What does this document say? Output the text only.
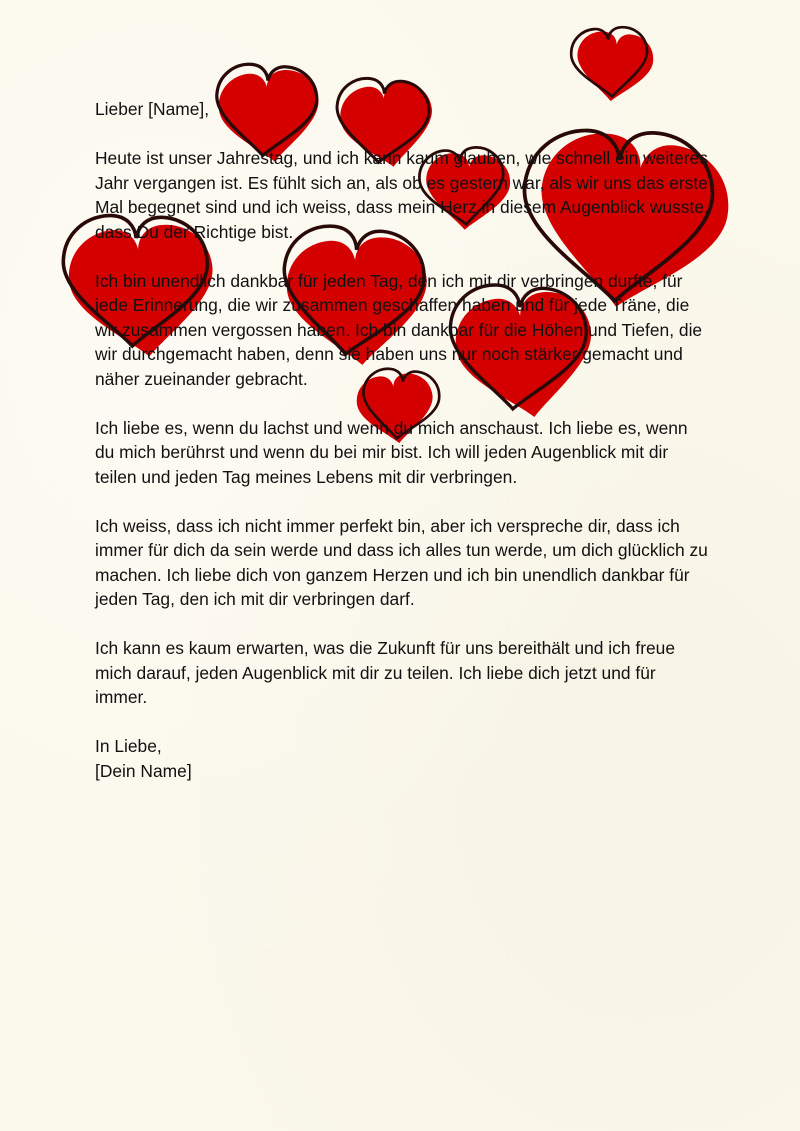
Lieber [Name],

Heute ist unser Jahrestag, und ich kann kaum glauben, wie schnell ein weiteres Jahr vergangen ist. Es fühlt sich an, als ob es gestern war, als wir uns das erste Mal begegnet sind und ich weiss, dass mein Herz in diesem Augenblick wusste, dass Du der Richtige bist.

Ich bin unendlich dankbar für jeden Tag, den ich mit dir verbringen durfte, für jede Erinnerung, die wir zusammen geschaffen haben und für jede Träne, die wir zusammen vergossen haben. Ich bin dankbar für die Höhen und Tiefen, die wir durchgemacht haben, denn sie haben uns nur noch stärker gemacht und näher zueinander gebracht.

Ich liebe es, wenn du lachst und wenn du mich anschaust. Ich liebe es, wenn du mich berührst und wenn du bei mir bist. Ich will jeden Augenblick mit dir teilen und jeden Tag meines Lebens mit dir verbringen.

Ich weiss, dass ich nicht immer perfekt bin, aber ich verspreche dir, dass ich immer für dich da sein werde und dass ich alles tun werde, um dich glücklich zu machen. Ich liebe dich von ganzem Herzen und ich bin unendlich dankbar für jeden Tag, den ich mit dir verbringen darf.

Ich kann es kaum erwarten, was die Zukunft für uns bereithält und ich freue mich darauf, jeden Augenblick mit dir zu teilen. Ich liebe dich jetzt und für immer.

In Liebe,

[Dein Name]
